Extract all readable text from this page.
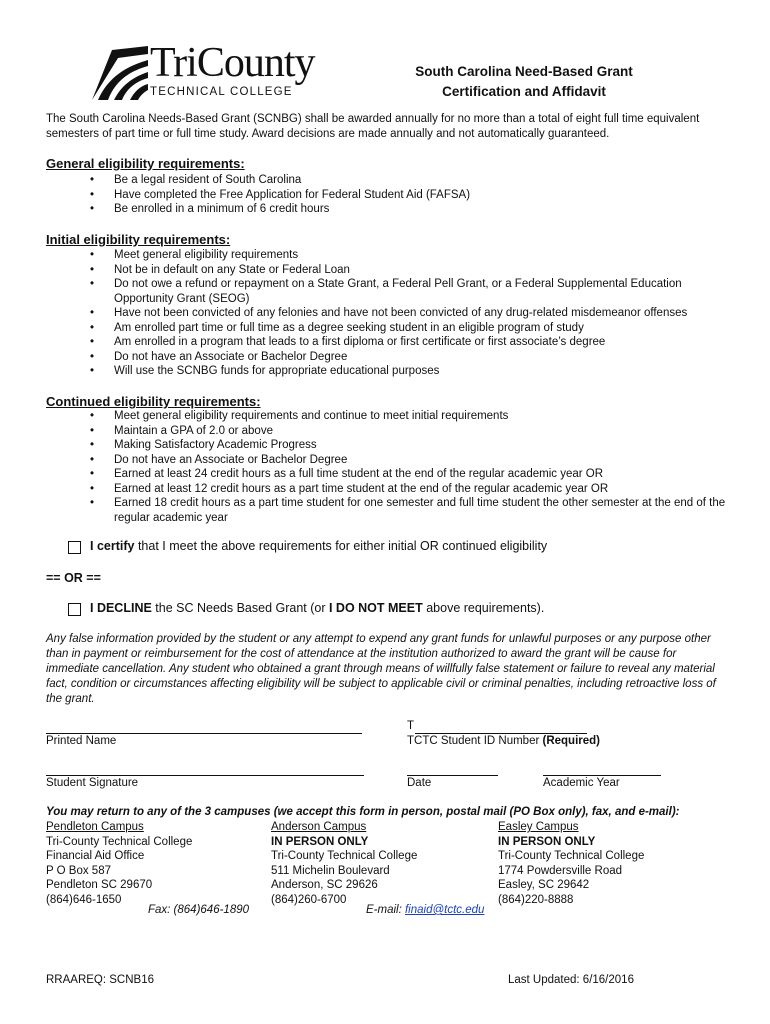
TriCounty
TECHNICAL COLLEGE
South Carolina Need-Based Grant
Certification and Affidavit
The South Carolina Needs-Based Grant (SCNBG) shall be awarded annually for no more than a total of eight full time equivalent semesters of part time or full time study. Award decisions are made annually and not automatically guaranteed.
General eligibility requirements:
• Be a legal resident of South Carolina
• Have completed the Free Application for Federal Student Aid (FAFSA)
• Be enrolled in a minimum of 6 credit hours
Initial eligibility requirements:
• Meet general eligibility requirements
• Not be in default on any State or Federal Loan
• Do not owe a refund or repayment on a State Grant, a Federal Pell Grant, or a Federal Supplemental Education Opportunity Grant (SEOG)
• Have not been convicted of any felonies and have not been convicted of any drug-related misdemeanor offenses
• Am enrolled part time or full time as a degree seeking student in an eligible program of study
• Am enrolled in a program that leads to a first diploma or first certificate or first associate’s degree
• Do not have an Associate or Bachelor Degree
• Will use the SCNBG funds for appropriate educational purposes
Continued eligibility requirements:
• Meet general eligibility requirements and continue to meet initial requirements
• Maintain a GPA of 2.0 or above
• Making Satisfactory Academic Progress
• Do not have an Associate or Bachelor Degree
• Earned at least 24 credit hours as a full time student at the end of the regular academic year OR
• Earned at least 12 credit hours as a part time student at the end of the regular academic year OR
• Earned 18 credit hours as a part time student for one semester and full time student the other semester at the end of the regular academic year
I certify that I meet the above requirements for either initial OR continued eligibility
== OR ==
I DECLINE the SC Needs Based Grant (or I DO NOT MEET above requirements).
Any false information provided by the student or any attempt to expend any grant funds for unlawful purposes or any purpose other than in payment or reimbursement for the cost of attendance at the institution authorized to award the grant will be cause for immediate cancellation. Any student who obtained a grant through means of willfully false statement or failure to reveal any material fact, condition or circumstances affecting eligibility will be subject to applicable civil or criminal penalties, including retroactive loss of the grant.
Printed Name
T
TCTC Student ID Number (Required)
Student Signature	Date	Academic Year
You may return to any of the 3 campuses (we accept this form in person, postal mail (PO Box only), fax, and e-mail):
Pendleton Campus
Tri-County Technical College
Financial Aid Office
P O Box 587
Pendleton SC 29670
(864)646-1650
Anderson Campus
IN PERSON ONLY
Tri-County Technical College
511 Michelin Boulevard
Anderson, SC 29626
(864)260-6700
Easley Campus
IN PERSON ONLY
Tri-County Technical College
1774 Powdersville Road
Easley, SC 29642
(864)220-8888
Fax: (864)646-1890	E-mail: finaid@tctc.edu
RRAAREQ: SCNB16	Last Updated: 6/16/2016
